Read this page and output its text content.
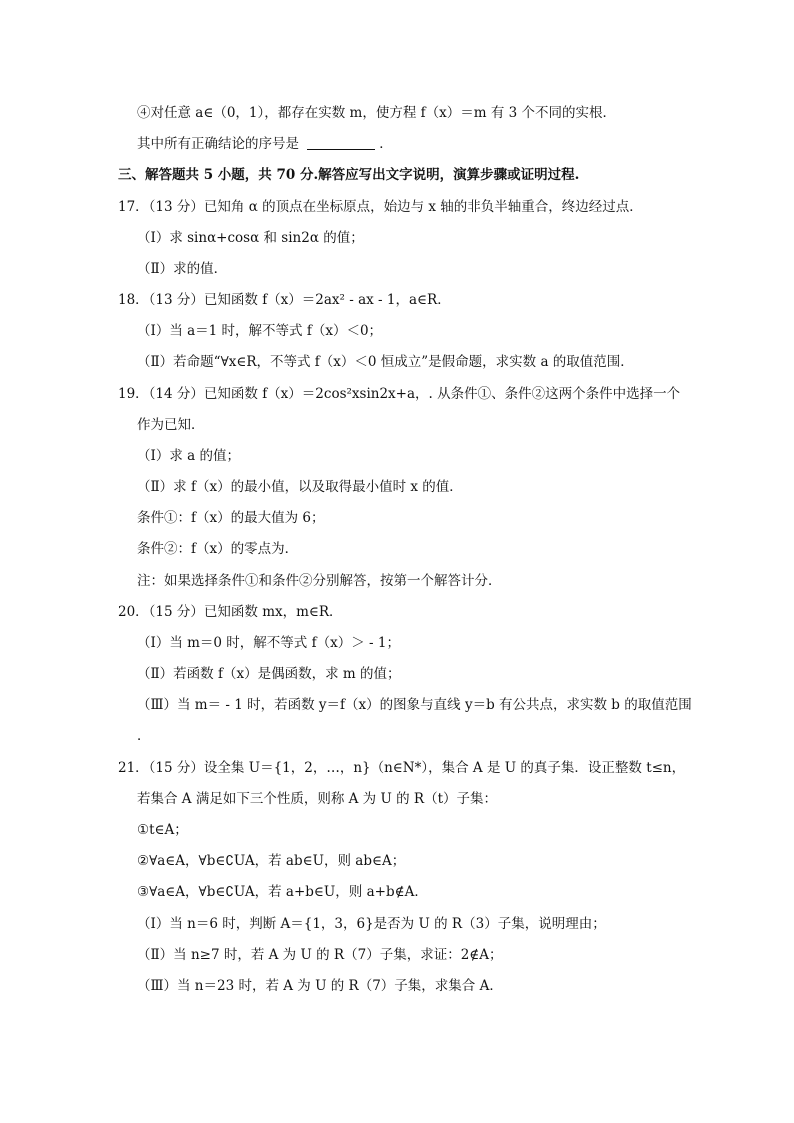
④对任意 a∈（0，1），都存在实数 m，使方程 f（x）＝m 有 3 个不同的实根．
其中所有正确结论的序号是	．
三、解答题共 5 小题，共 70 分.解答应写出文字说明，演算步骤或证明过程.
17．（13 分）已知角 α 的顶点在坐标原点，始边与 x 轴的非负半轴重合，终边经过点．
（Ⅰ）求 sinα+cosα 和 sin2α 的值；
（Ⅱ）求的值．
18．（13 分）已知函数 f（x）＝2ax² - ax - 1，a∈R．
（Ⅰ）当 a＝1 时，解不等式 f（x）＜0；
（Ⅱ）若命题“∀x∈R，不等式 f（x）＜0 恒成立”是假命题，求实数 a 的取值范围．
19．（14 分）已知函数 f（x）＝2cos²xsin2x+a，. 从条件①、条件②这两个条件中选择一个
作为已知．
（Ⅰ）求 a 的值；
（Ⅱ）求 f（x）的最小值，以及取得最小值时 x 的值．
条件①：f（x）的最大值为 6；
条件②：f（x）的零点为．
注：如果选择条件①和条件②分别解答，按第一个解答计分．
20．（15 分）已知函数 mx，m∈R．
（Ⅰ）当 m＝0 时，解不等式 f（x）＞ - 1；
（Ⅱ）若函数 f（x）是偶函数，求 m 的值；
（Ⅲ）当 m＝ - 1 时，若函数 y＝f（x）的图象与直线 y＝b 有公共点，求实数 b 的取值范围
．
21．（15 分）设全集 U＝{1，2，…，n}（n∈N*），集合 A 是 U 的真子集．设正整数 t≤n，
若集合 A 满足如下三个性质，则称 A 为 U 的 R（t）子集：
①t∈A；
②∀a∈A，∀b∈∁UA，若 ab∈U，则 ab∈A；
③∀a∈A，∀b∈∁UA，若 a+b∈U，则 a+b∉A．
（Ⅰ）当 n＝6 时，判断 A＝{1，3，6}是否为 U 的 R（3）子集，说明理由；
（Ⅱ）当 n≥7 时，若 A 为 U 的 R（7）子集，求证：2∉A；
（Ⅲ）当 n＝23 时，若 A 为 U 的 R（7）子集，求集合 A．
